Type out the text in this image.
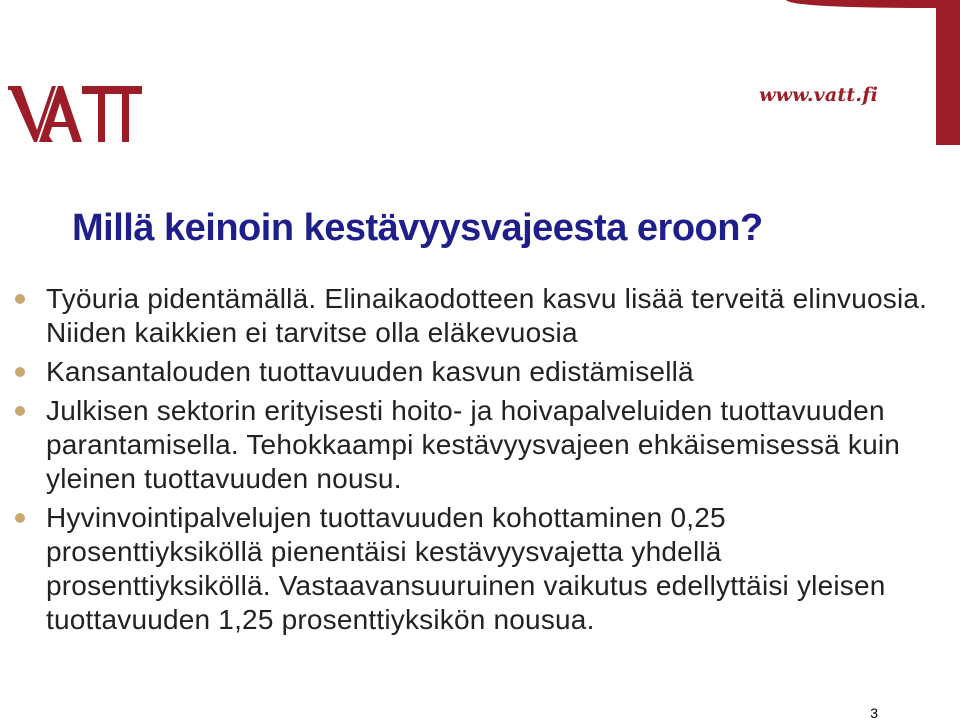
www.vatt.fi
Millä keinoin kestävyysvajeesta eroon?
Työuria pidentämällä. Elinaikaodotteen kasvu lisää terveitä elinvuosia. Niiden kaikkien ei tarvitse olla eläkevuosia
Kansantalouden tuottavuuden kasvun edistämisellä
Julkisen sektorin erityisesti hoito- ja hoivapalveluiden tuottavuuden parantamisella. Tehokkaampi kestävyysvajeen ehkäisemisessä kuin yleinen tuottavuuden nousu.
Hyvinvointipalvelujen tuottavuuden kohottaminen 0,25 prosenttiyksiköllä pienentäisi kestävyysvajetta yhdellä prosenttiyksiköllä. Vastaavansuuruinen vaikutus edellyttäisi yleisen tuottavuuden 1,25 prosenttiyksikön nousua.
3
